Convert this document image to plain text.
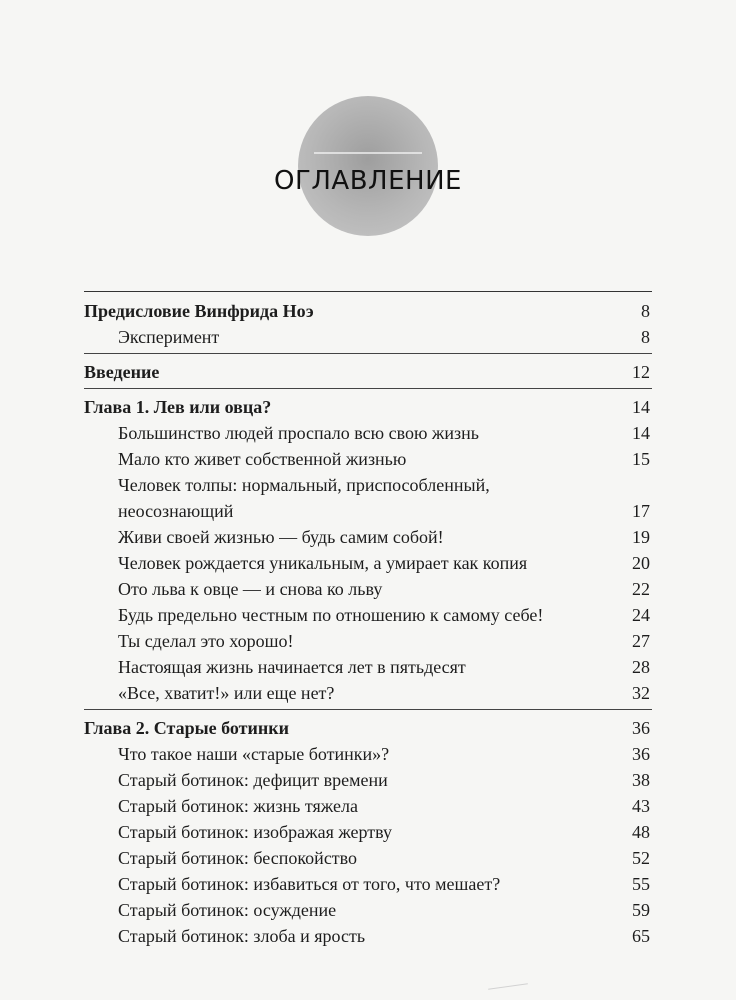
ОГЛАВЛЕНИЕ
Предисловие Винфрида Ноэ	8
Эксперимент	8
Введение	12
Глава 1. Лев или овца?	14
Большинство людей проспало всю свою жизнь	14
Мало кто живет собственной жизнью	15
Человек толпы: нормальный, приспособленный, неосознающий	17
Живи своей жизнью — будь самим собой!	19
Человек рождается уникальным, а умирает как копия	20
Ото льва к овце — и снова ко льву	22
Будь предельно честным по отношению к самому себе!	24
Ты сделал это хорошо!	27
Настоящая жизнь начинается лет в пятьдесят	28
«Все, хватит!» или еще нет?	32
Глава 2. Старые ботинки	36
Что такое наши «старые ботинки»?	36
Старый ботинок: дефицит времени	38
Старый ботинок: жизнь тяжела	43
Старый ботинок: изображая жертву	48
Старый ботинок: беспокойство	52
Старый ботинок: избавиться от того, что мешает?	55
Старый ботинок: осуждение	59
Старый ботинок: злоба и ярость	65
